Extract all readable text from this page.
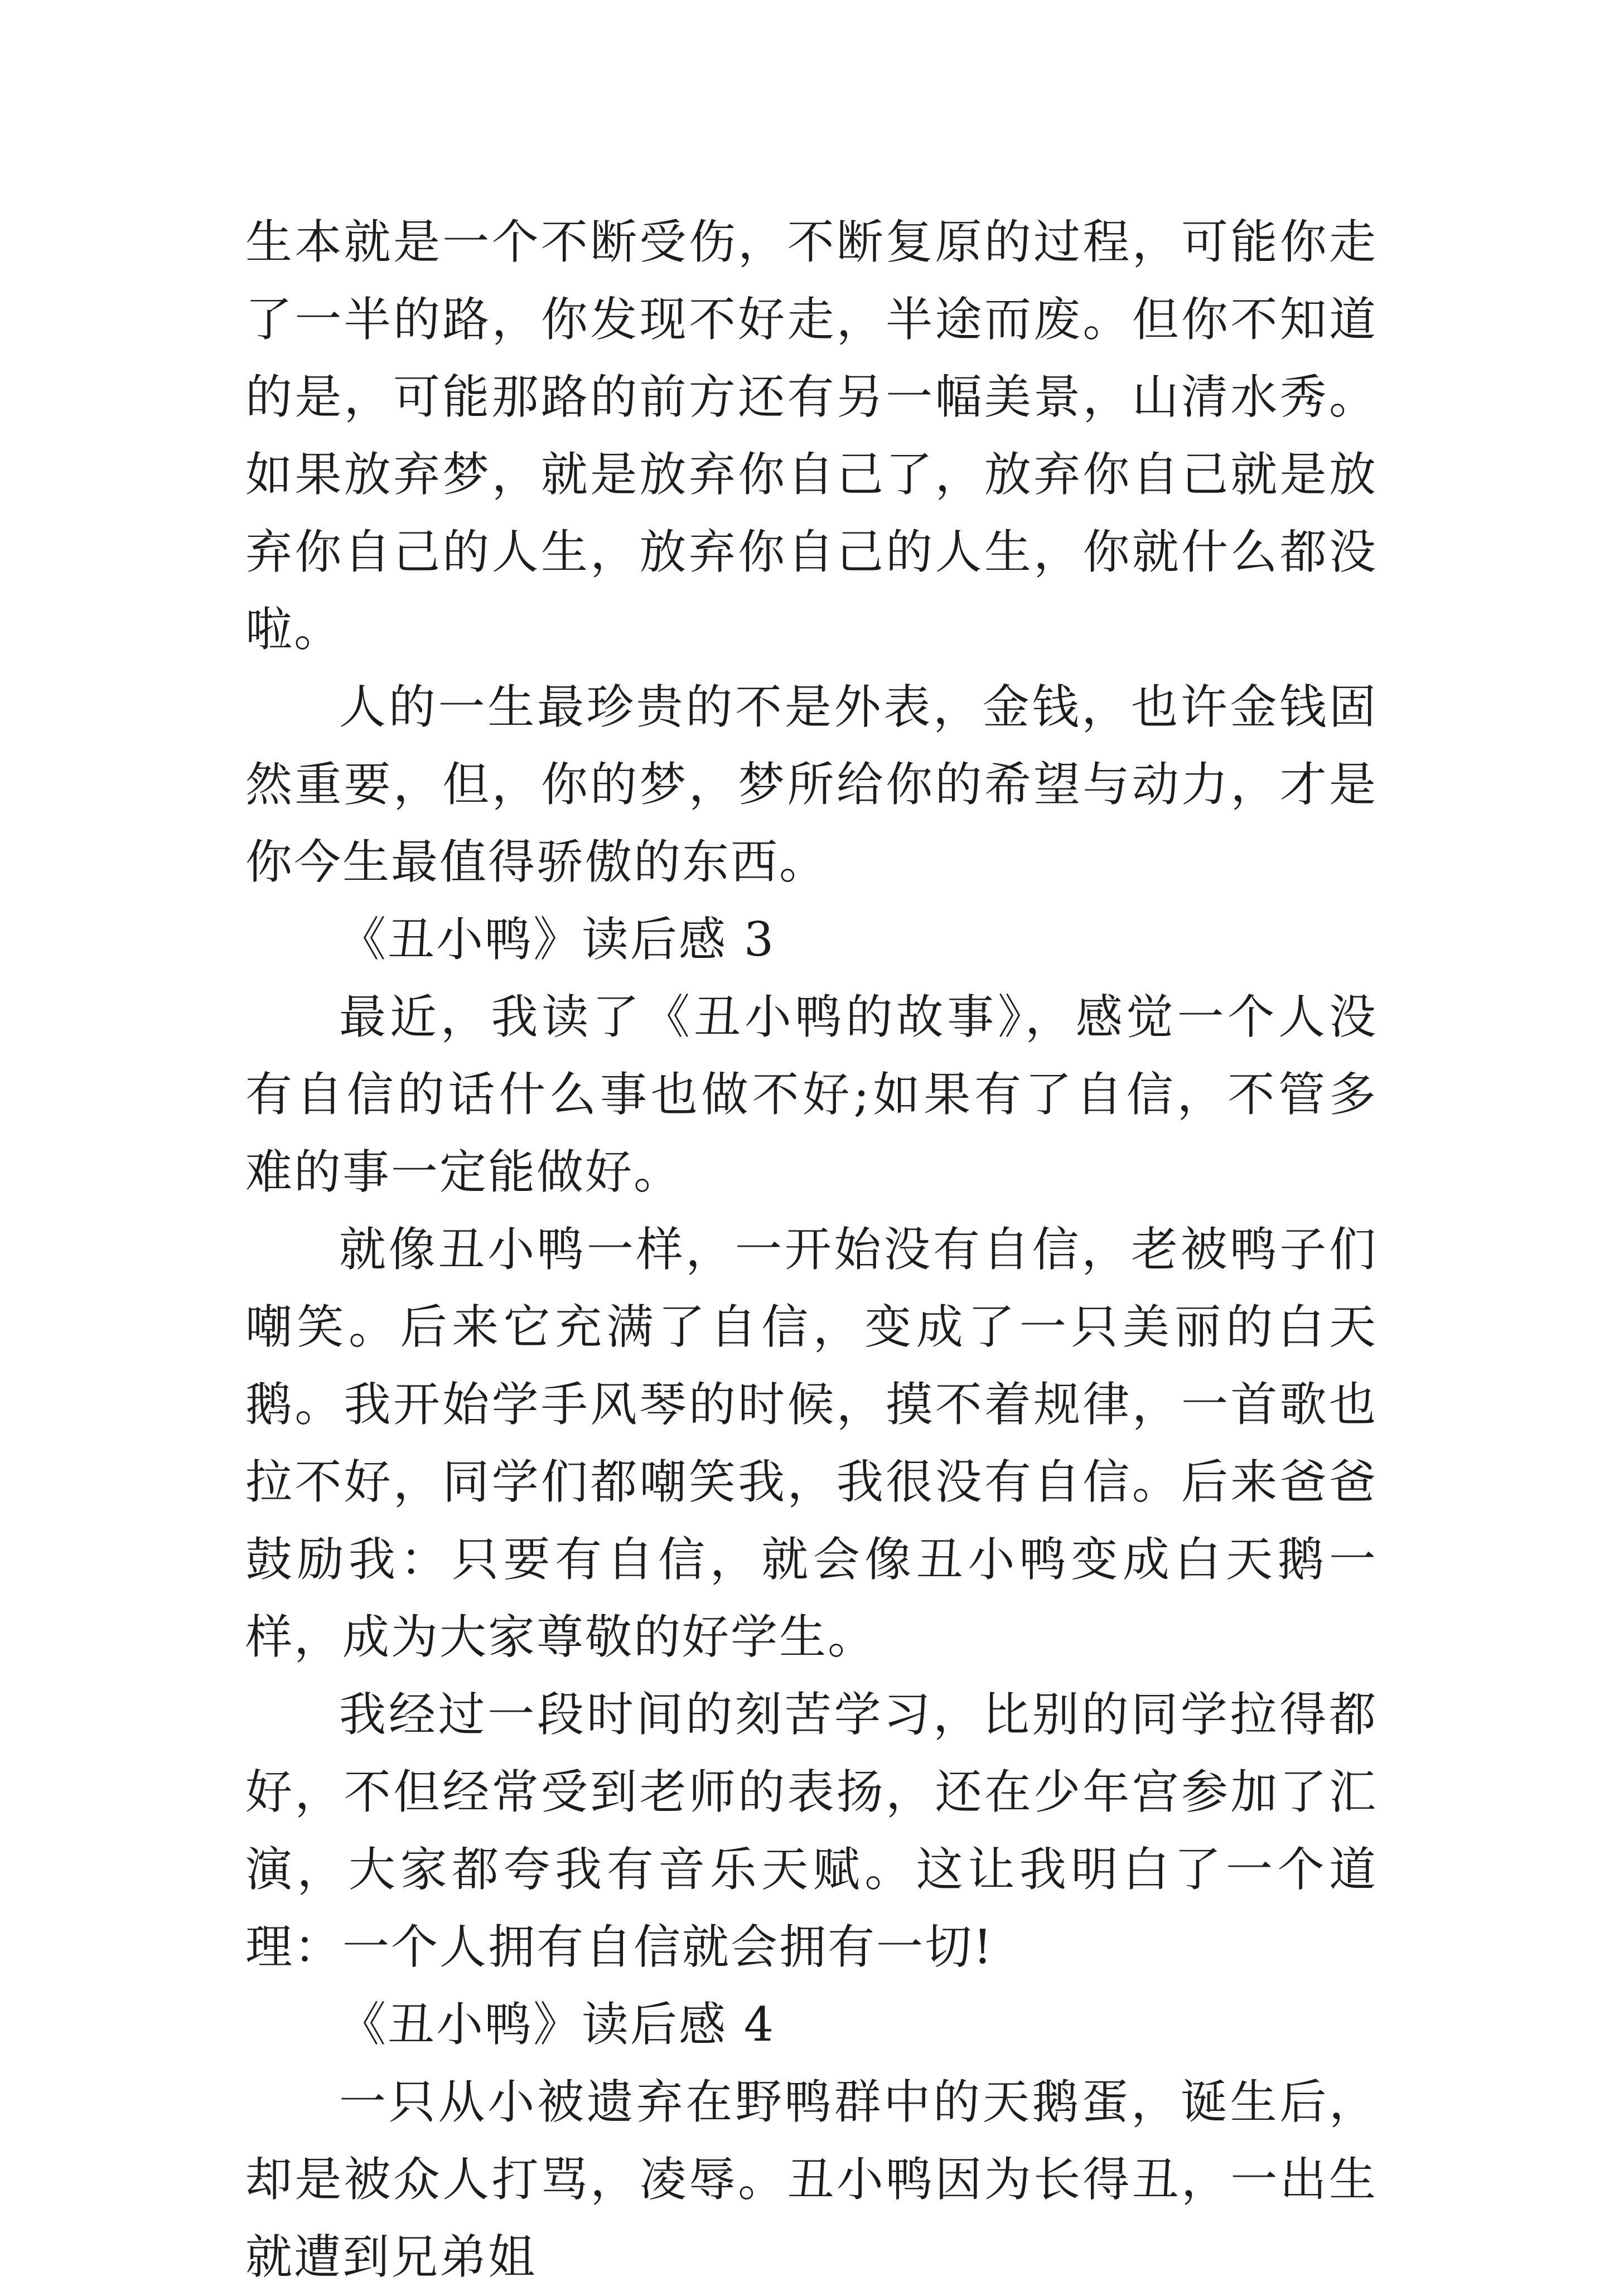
生本就是一个不断受伤，不断复原的过程，可能你走了一半的路，你发现不好走，半途而废。但你不知道的是，可能那路的前方还有另一幅美景，山清水秀。如果放弃梦，就是放弃你自己了，放弃你自己就是放弃你自己的人生，放弃你自己的人生，你就什么都没啦。

人的一生最珍贵的不是外表，金钱，也许金钱固然重要，但，你的梦，梦所给你的希望与动力，才是你今生最值得骄傲的东西。

《丑小鸭》读后感 3

最近，我读了《丑小鸭的故事》，感觉一个人没有自信的话什么事也做不好;如果有了自信，不管多难的事一定能做好。

就像丑小鸭一样，一开始没有自信，老被鸭子们嘲笑。后来它充满了自信，变成了一只美丽的白天鹅。我开始学手风琴的时候，摸不着规律，一首歌也拉不好，同学们都嘲笑我，我很没有自信。后来爸爸鼓励我：只要有自信，就会像丑小鸭变成白天鹅一样，成为大家尊敬的好学生。

我经过一段时间的刻苦学习，比别的同学拉得都好，不但经常受到老师的表扬，还在少年宫参加了汇演，大家都夸我有音乐天赋。这让我明白了一个道理：一个人拥有自信就会拥有一切!

《丑小鸭》读后感 4

一只从小被遗弃在野鸭群中的天鹅蛋，诞生后，却是被众人打骂，凌辱。丑小鸭因为长得丑，一出生就遭到兄弟姐
